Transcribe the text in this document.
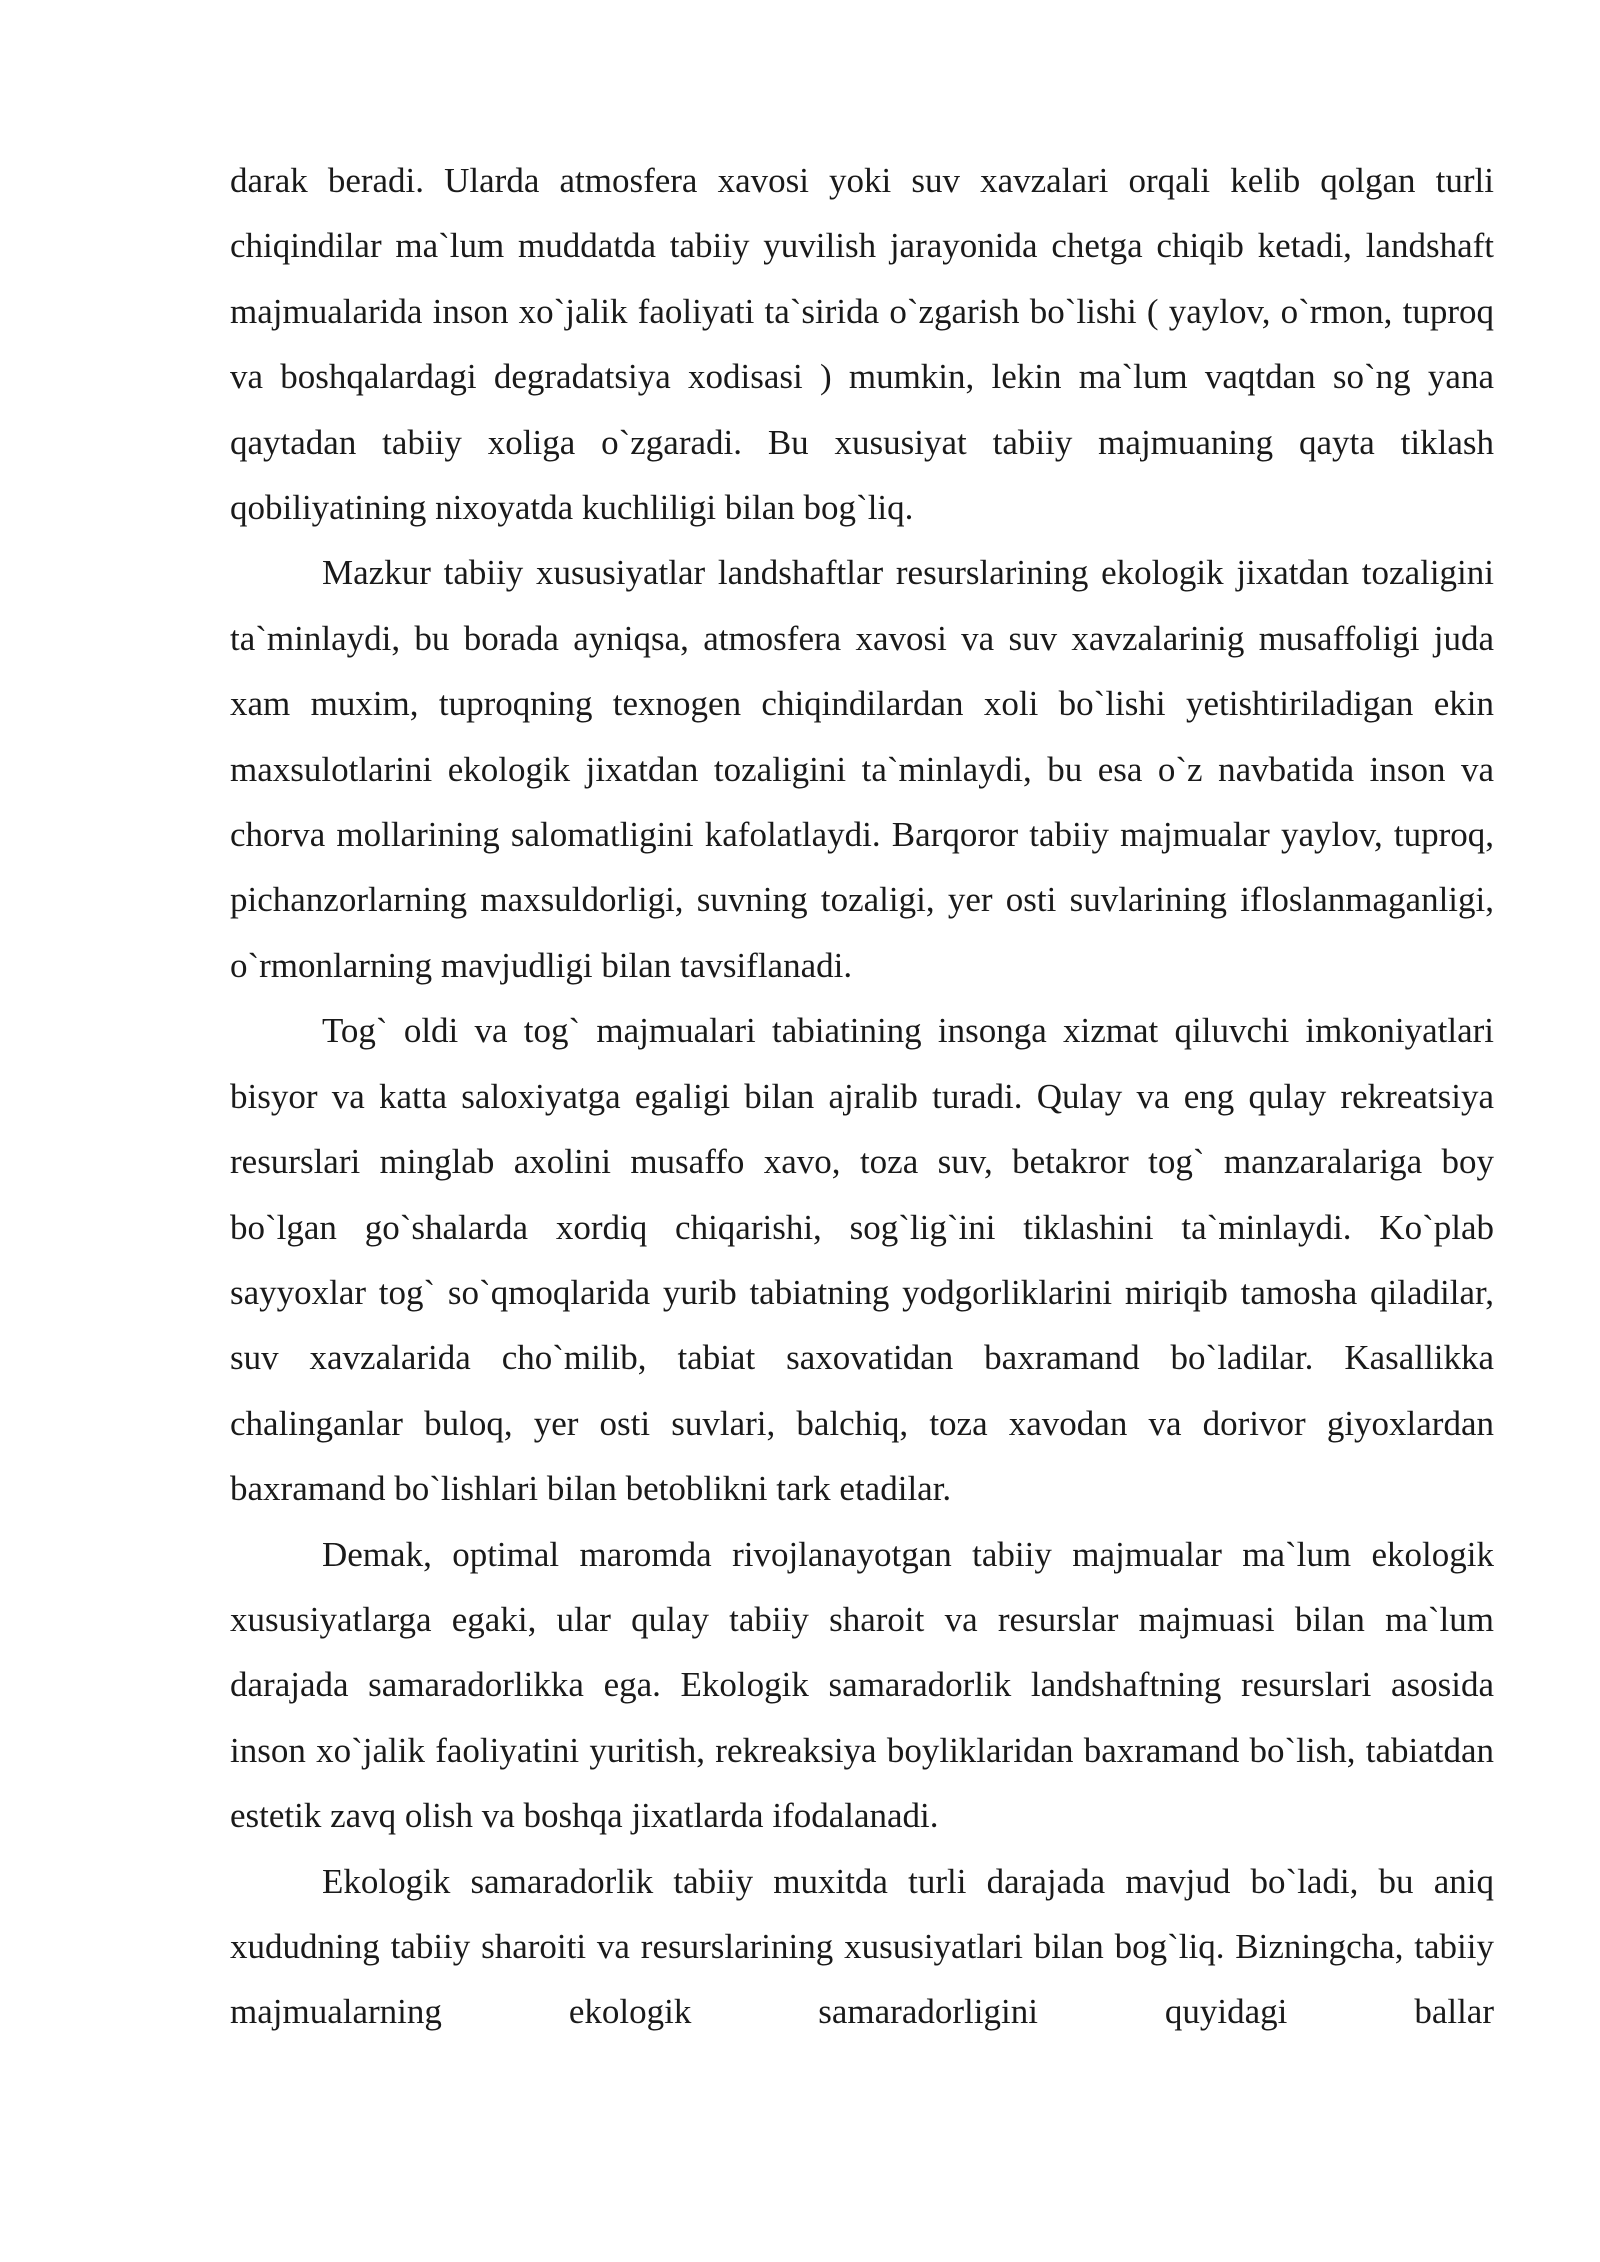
darak beradi. Ularda atmosfera xavosi yoki suv xavzalari orqali kelib qolgan turli chiqindilar ma`lum muddatda tabiiy yuvilish jarayonida chetga chiqib ketadi, landshaft majmualarida inson xo`jalik faoliyati ta`sirida o`zgarish bo`lishi ( yaylov, o`rmon, tuproq va boshqalardagi degradatsiya xodisasi ) mumkin, lekin ma`lum vaqtdan so`ng yana qaytadan tabiiy xoliga o`zgaradi. Bu xususiyat tabiiy majmuaning qayta tiklash qobiliyatining nixoyatda kuchliligi bilan bog`liq.

Mazkur tabiiy xususiyatlar landshaftlar resurslarining ekologik jixatdan tozaligini ta`minlaydi, bu borada ayniqsa, atmosfera xavosi va suv xavzalarinig musaffoligi juda xam muxim, tuproqning texnogen chiqindilardan xoli bo`lishi yetishtiriladigan ekin maxsulotlarini ekologik jixatdan tozaligini ta`minlaydi, bu esa o`z navbatida inson va chorva mollarining salomatligini kafolatlaydi. Barqoror tabiiy majmualar yaylov, tuproq, pichanzorlarning maxsuldorligi, suvning tozaligi, yer osti suvlarining ifloslanmaganligi, o`rmonlarning mavjudligi bilan tavsiflanadi.

Tog` oldi va tog` majmualari tabiatining insonga xizmat qiluvchi imkoniyatlari bisyor va katta saloxiyatga egaligi bilan ajralib turadi. Qulay va eng qulay rekreatsiya resurslari minglab axolini musaffo xavo, toza suv, betakror tog` manzaralariga boy bo`lgan go`shalarda xordiq chiqarishi, sog`lig`ini tiklashini ta`minlaydi. Ko`plab sayyoxlar tog` so`qmoqlarida yurib tabiatning yodgorliklarini miriqib tamosha qiladilar, suv xavzalarida cho`milib, tabiat saxovatidan baxramand bo`ladilar. Kasallikka chalinganlar buloq, yer osti suvlari, balchiq, toza xavodan va dorivor giyoxlardan baxramand bo`lishlari bilan betoblikni tark etadilar.

Demak, optimal maromda rivojlanayotgan tabiiy majmualar ma`lum ekologik xususiyatlarga egaki, ular qulay tabiiy sharoit va resurslar majmuasi bilan ma`lum darajada samaradorlikka ega. Ekologik samaradorlik landshaftning resurslari asosida inson xo`jalik faoliyatini yuritish, rekreaksiya boyliklaridan baxramand bo`lish, tabiatdan estetik zavq olish va boshqa jixatlarda ifodalanadi.

Ekologik samaradorlik tabiiy muxitda turli darajada mavjud bo`ladi, bu aniq xududning tabiiy sharoiti va resurslarining xususiyatlari bilan bog`liq. Bizningcha, tabiiy majmualarning ekologik samaradorligini quyidagi ballar
